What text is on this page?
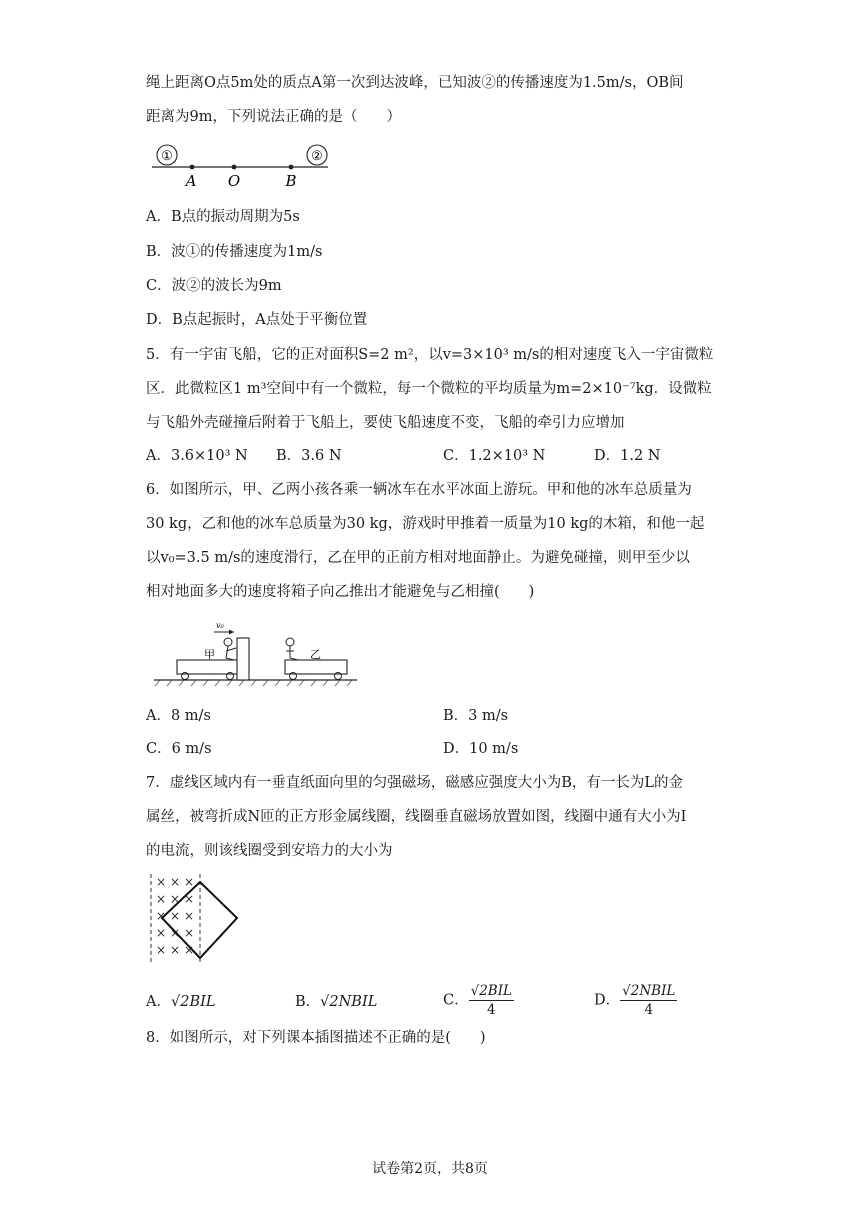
绳上距离O点5m处的质点A第一次到达波峰，已知波②的传播速度为1.5m/s，OB间
距离为9m，下列说法正确的是（　　）
①	②
A O	B
A．B点的振动周期为5s
B．波①的传播速度为1m/s
C．波②的波长为9m
D．B点起振时，A点处于平衡位置
5．有一宇宙飞船，它的正对面积S=2 m²，以v=3×10³ m/s的相对速度飞入一宇宙微粒
区．此微粒区1 m³空间中有一个微粒，每一个微粒的平均质量为m=2×10⁻⁷kg．设微粒
与飞船外壳碰撞后附着于飞船上，要使飞船速度不变，飞船的牵引力应增加
A．3.6×10³ N B．3.6 N	C．1.2×10³ N	D．1.2 N
6．如图所示，甲、乙两小孩各乘一辆冰车在水平冰面上游玩。甲和他的冰车总质量为
30 kg，乙和他的冰车总质量为30 kg，游戏时甲推着一质量为10 kg的木箱，和他一起
以v₀=3.5 m/s的速度滑行，乙在甲的正前方相对地面静止。为避免碰撞，则甲至少以
相对地面多大的速度将箱子向乙推出才能避免与乙相撞(　　)
甲
v₀
乙
A．8 m/s	B．3 m/s
C．6 m/s	D．10 m/s
7．虚线区域内有一垂直纸面向里的匀强磁场，磁感应强度大小为B，有一长为L的金
属丝，被弯折成N匝的正方形金属线圈，线圈垂直磁场放置如图，线圈中通有大小为I
的电流，则该线圈受到安培力的大小为
× × ×
× × ×
× × ×
× × ×
× × ×
A．√2BIL	B．√2NBIL	C． $\frac{\text{√2BIL}}{4}$	D． $\frac{\text{√2NBIL}}{4}$
8．如图所示，对下列课本插图描述不正确的是(　　)
试卷第2页，共8页
